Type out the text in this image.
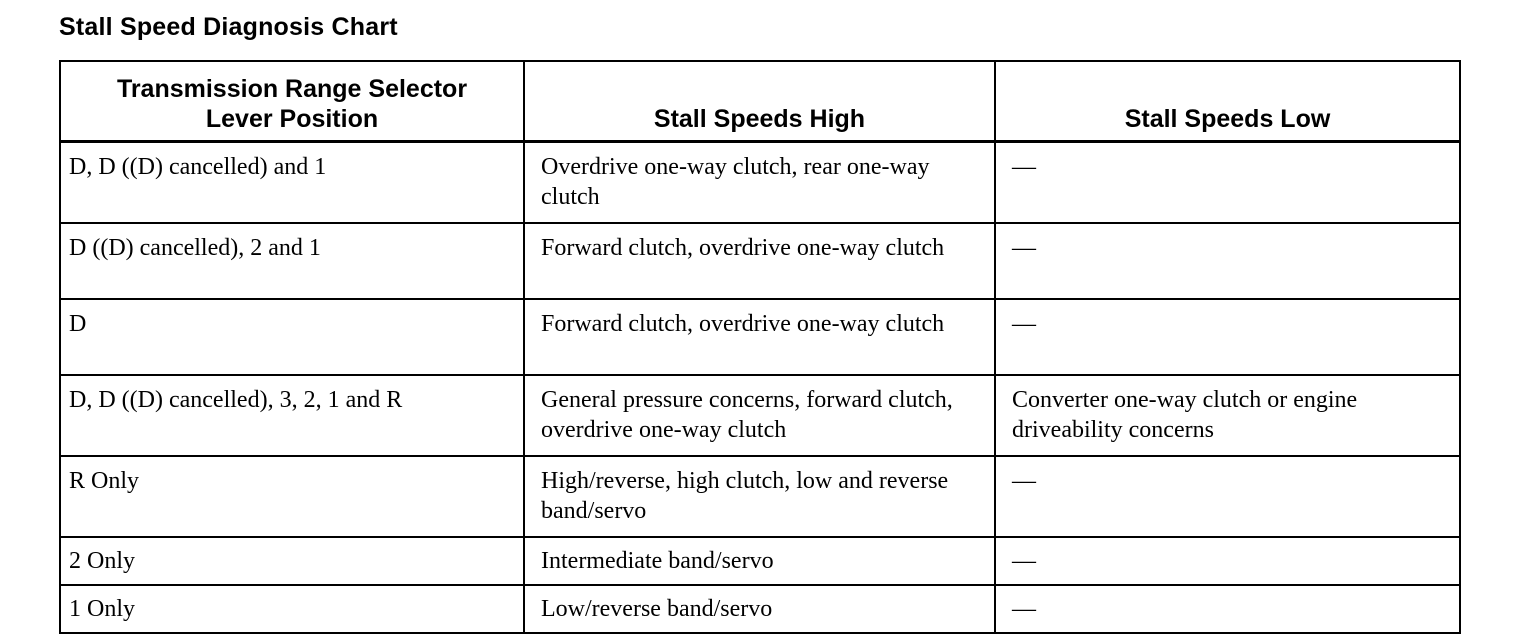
Stall Speed Diagnosis Chart
Transmission Range Selector
Lever Position	Stall Speeds High	Stall Speeds Low
D, D ((D) cancelled) and 1	Overdrive one-way clutch, rear one-way clutch	—
D ((D) cancelled), 2 and 1	Forward clutch, overdrive one-way clutch	—
D	Forward clutch, overdrive one-way clutch	—
D, D ((D) cancelled), 3, 2, 1 and R	General pressure concerns, forward clutch, overdrive one-way clutch	Converter one-way clutch or engine driveability concerns
R Only	High/reverse, high clutch, low and reverse band/servo	—
2 Only	Intermediate band/servo	—
1 Only	Low/reverse band/servo	—
